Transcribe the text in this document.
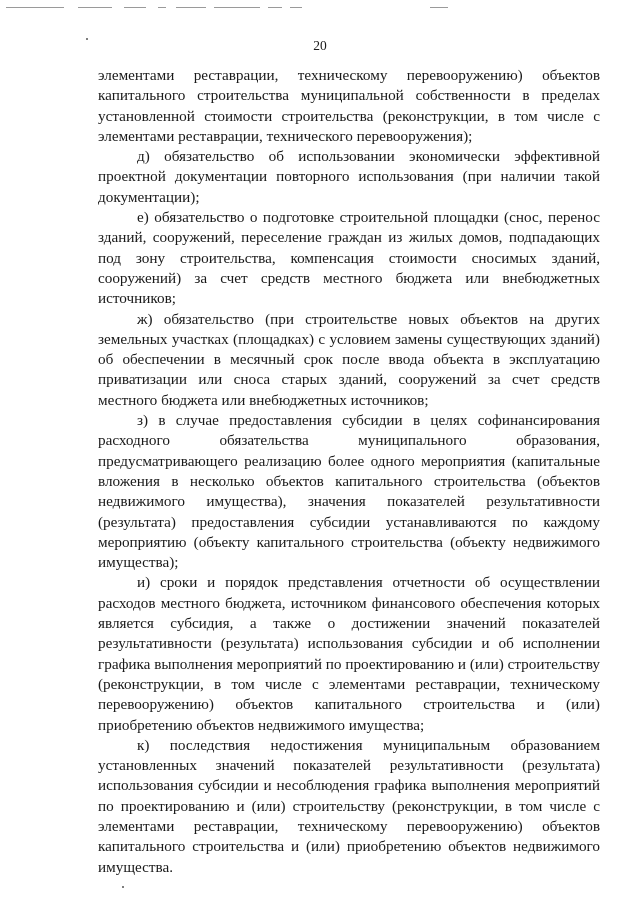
20

элементами реставрации, техническому перевооружению) объектов капитального строительства муниципальной собственности в пределах установленной стоимости строительства (реконструкции, в том числе с элементами реставрации, технического перевооружения);

д) обязательство об использовании экономически эффективной проектной документации повторного использования (при наличии такой документации);

е) обязательство о подготовке строительной площадки (снос, перенос зданий, сооружений, переселение граждан из жилых домов, подпадающих под зону строительства, компенсация стоимости сносимых зданий, сооружений) за счет средств местного бюджета или внебюджетных источников;

ж) обязательство (при строительстве новых объектов на других земельных участках (площадках) с условием замены существующих зданий) об обеспечении в месячный срок после ввода объекта в эксплуатацию приватизации или сноса старых зданий, сооружений за счет средств местного бюджета или внебюджетных источников;

з) в случае предоставления субсидии в целях софинансирования расходного обязательства муниципального образования, предусматривающего реализацию более одного мероприятия (капитальные вложения в несколько объектов капитального строительства (объектов недвижимого имущества), значения показателей результативности (результата) предоставления субсидии устанавливаются по каждому мероприятию (объекту капитального строительства (объекту недвижимого имущества);

и) сроки и порядок представления отчетности об осуществлении расходов местного бюджета, источником финансового обеспечения которых является субсидия, а также о достижении значений показателей результативности (результата) использования субсидии и об исполнении графика выполнения мероприятий по проектированию и (или) строительству (реконструкции, в том числе с элементами реставрации, техническому перевооружению) объектов капитального строительства и (или) приобретению объектов недвижимого имущества;

к) последствия недостижения муниципальным образованием установленных значений показателей результативности (результата) использования субсидии и несоблюдения графика выполнения мероприятий по проектированию и (или) строительству (реконструкции, в том числе с элементами реставрации, техническому перевооружению) объектов капитального строительства и (или) приобретению объектов недвижимого имущества.
